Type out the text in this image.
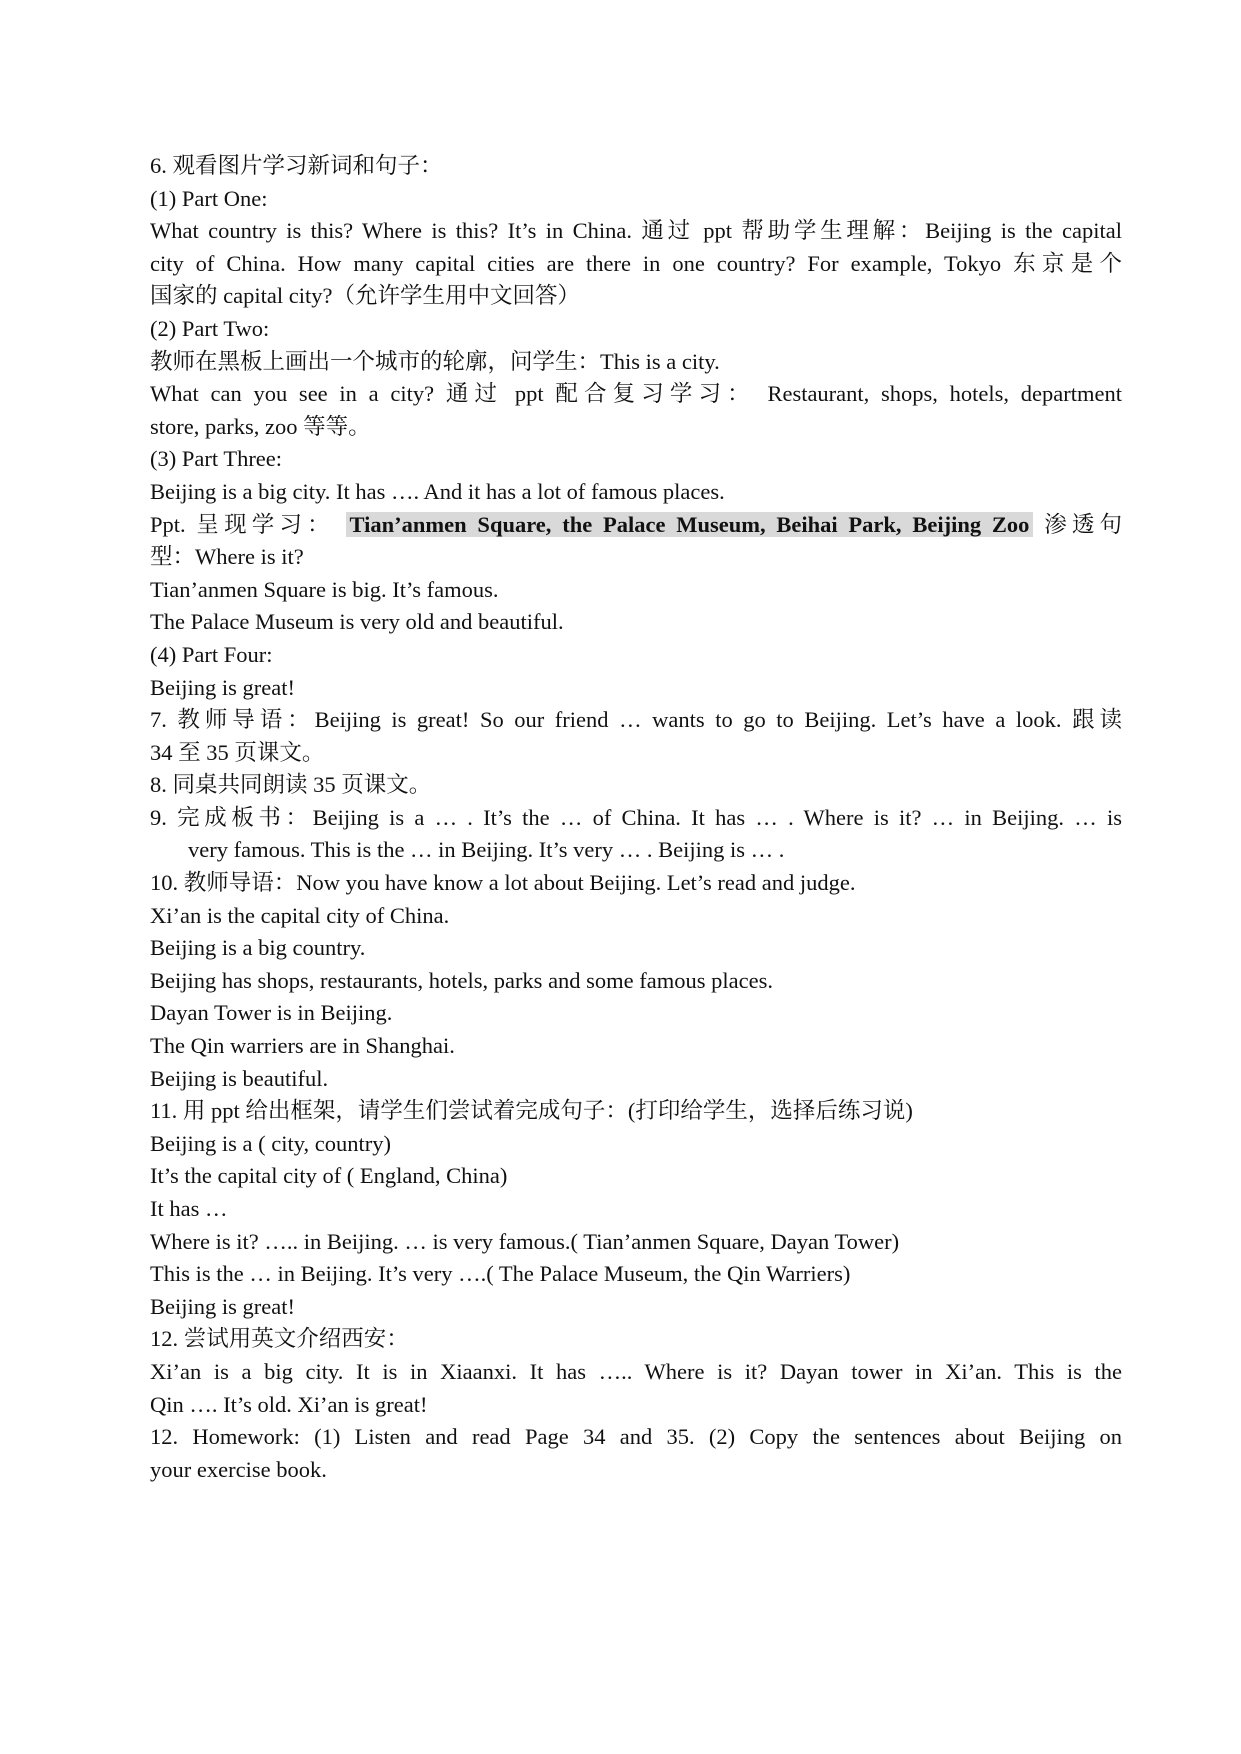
6. 观看图片学习新词和句子：
(1) Part One:
What country is this? Where is this? It’s in China. 通过 ppt 帮助学生理解：Beijing is the capital
city of China. How many capital cities are there in one country? For example, Tokyo 东京是个
国家的 capital city?（允许学生用中文回答）
(2) Part Two:
教师在黑板上画出一个城市的轮廓，问学生：This is a city.
What can you see in a city? 通过 ppt 配合复习学习： Restaurant, shops, hotels, department
store, parks, zoo 等等。
(3) Part Three:
Beijing is a big city. It has …. And it has a lot of famous places.
Ppt. 呈现学习： Tian’anmen Square, the Palace Museum, Beihai Park, Beijing Zoo 渗透句
型：Where is it?
Tian’anmen Square is big. It’s famous.
The Palace Museum is very old and beautiful.
(4) Part Four:
Beijing is great!
7. 教师导语：Beijing is great! So our friend … wants to go to Beijing. Let’s have a look. 跟读
34 至 35 页课文。
8. 同桌共同朗读 35 页课文。
9. 完成板书：Beijing is a … . It’s the … of China. It has … . Where is it? … in Beijing. … is
very famous. This is the … in Beijing. It’s very … . Beijing is … .
10. 教师导语：Now you have know a lot about Beijing. Let’s read and judge.
Xi’an is the capital city of China.
Beijing is a big country.
Beijing has shops, restaurants, hotels, parks and some famous places.
Dayan Tower is in Beijing.
The Qin warriers are in Shanghai.
Beijing is beautiful.
11. 用 ppt 给出框架，请学生们尝试着完成句子：(打印给学生，选择后练习说)
Beijing is a ( city, country)
It’s the capital city of ( England, China)
It has …
Where is it? ….. in Beijing. … is very famous.( Tian’anmen Square, Dayan Tower)
This is the … in Beijing. It’s very ….( The Palace Museum, the Qin Warriers)
Beijing is great!
12. 尝试用英文介绍西安：
Xi’an is a big city. It is in Xiaanxi. It has ….. Where is it? Dayan tower in Xi’an. This is the
Qin …. It’s old. Xi’an is great!
12. Homework: (1) Listen and read Page 34 and 35. (2) Copy the sentences about Beijing on
your exercise book.
